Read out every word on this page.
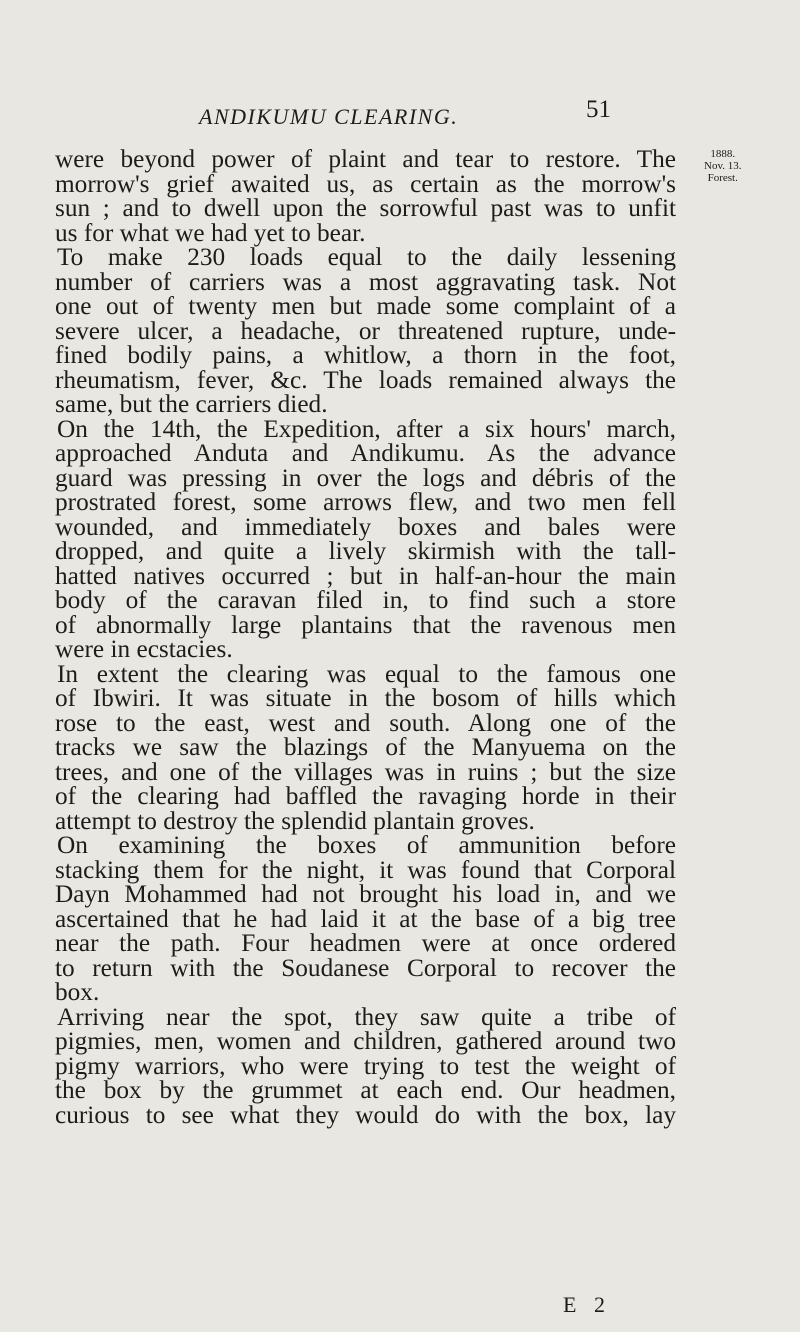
ANDIKUMU CLEARING.	51
1888.
Nov. 13.
Forest.
were beyond power of plaint and tear to restore. The
morrow's grief awaited us, as certain as the morrow's
sun ; and to dwell upon the sorrowful past was to unfit
us for what we had yet to bear.
To make 230 loads equal to the daily lessening
number of carriers was a most aggravating task. Not
one out of twenty men but made some complaint of a
severe ulcer, a headache, or threatened rupture, unde-
fined bodily pains, a whitlow, a thorn in the foot,
rheumatism, fever, &c. The loads remained always the
same, but the carriers died.
On the 14th, the Expedition, after a six hours' march,
approached Anduta and Andikumu. As the advance
guard was pressing in over the logs and débris of the
prostrated forest, some arrows flew, and two men fell
wounded, and immediately boxes and bales were
dropped, and quite a lively skirmish with the tall-
hatted natives occurred ; but in half-an-hour the main
body of the caravan filed in, to find such a store
of abnormally large plantains that the ravenous men
were in ecstacies.
In extent the clearing was equal to the famous one
of Ibwiri. It was situate in the bosom of hills which
rose to the east, west and south. Along one of the
tracks we saw the blazings of the Manyuema on the
trees, and one of the villages was in ruins ; but the size
of the clearing had baffled the ravaging horde in their
attempt to destroy the splendid plantain groves.
On examining the boxes of ammunition before
stacking them for the night, it was found that Corporal
Dayn Mohammed had not brought his load in, and we
ascertained that he had laid it at the base of a big tree
near the path. Four headmen were at once ordered
to return with the Soudanese Corporal to recover the
box.
Arriving near the spot, they saw quite a tribe of
pigmies, men, women and children, gathered around two
pigmy warriors, who were trying to test the weight of
the box by the grummet at each end. Our headmen,
curious to see what they would do with the box, lay
E 2
